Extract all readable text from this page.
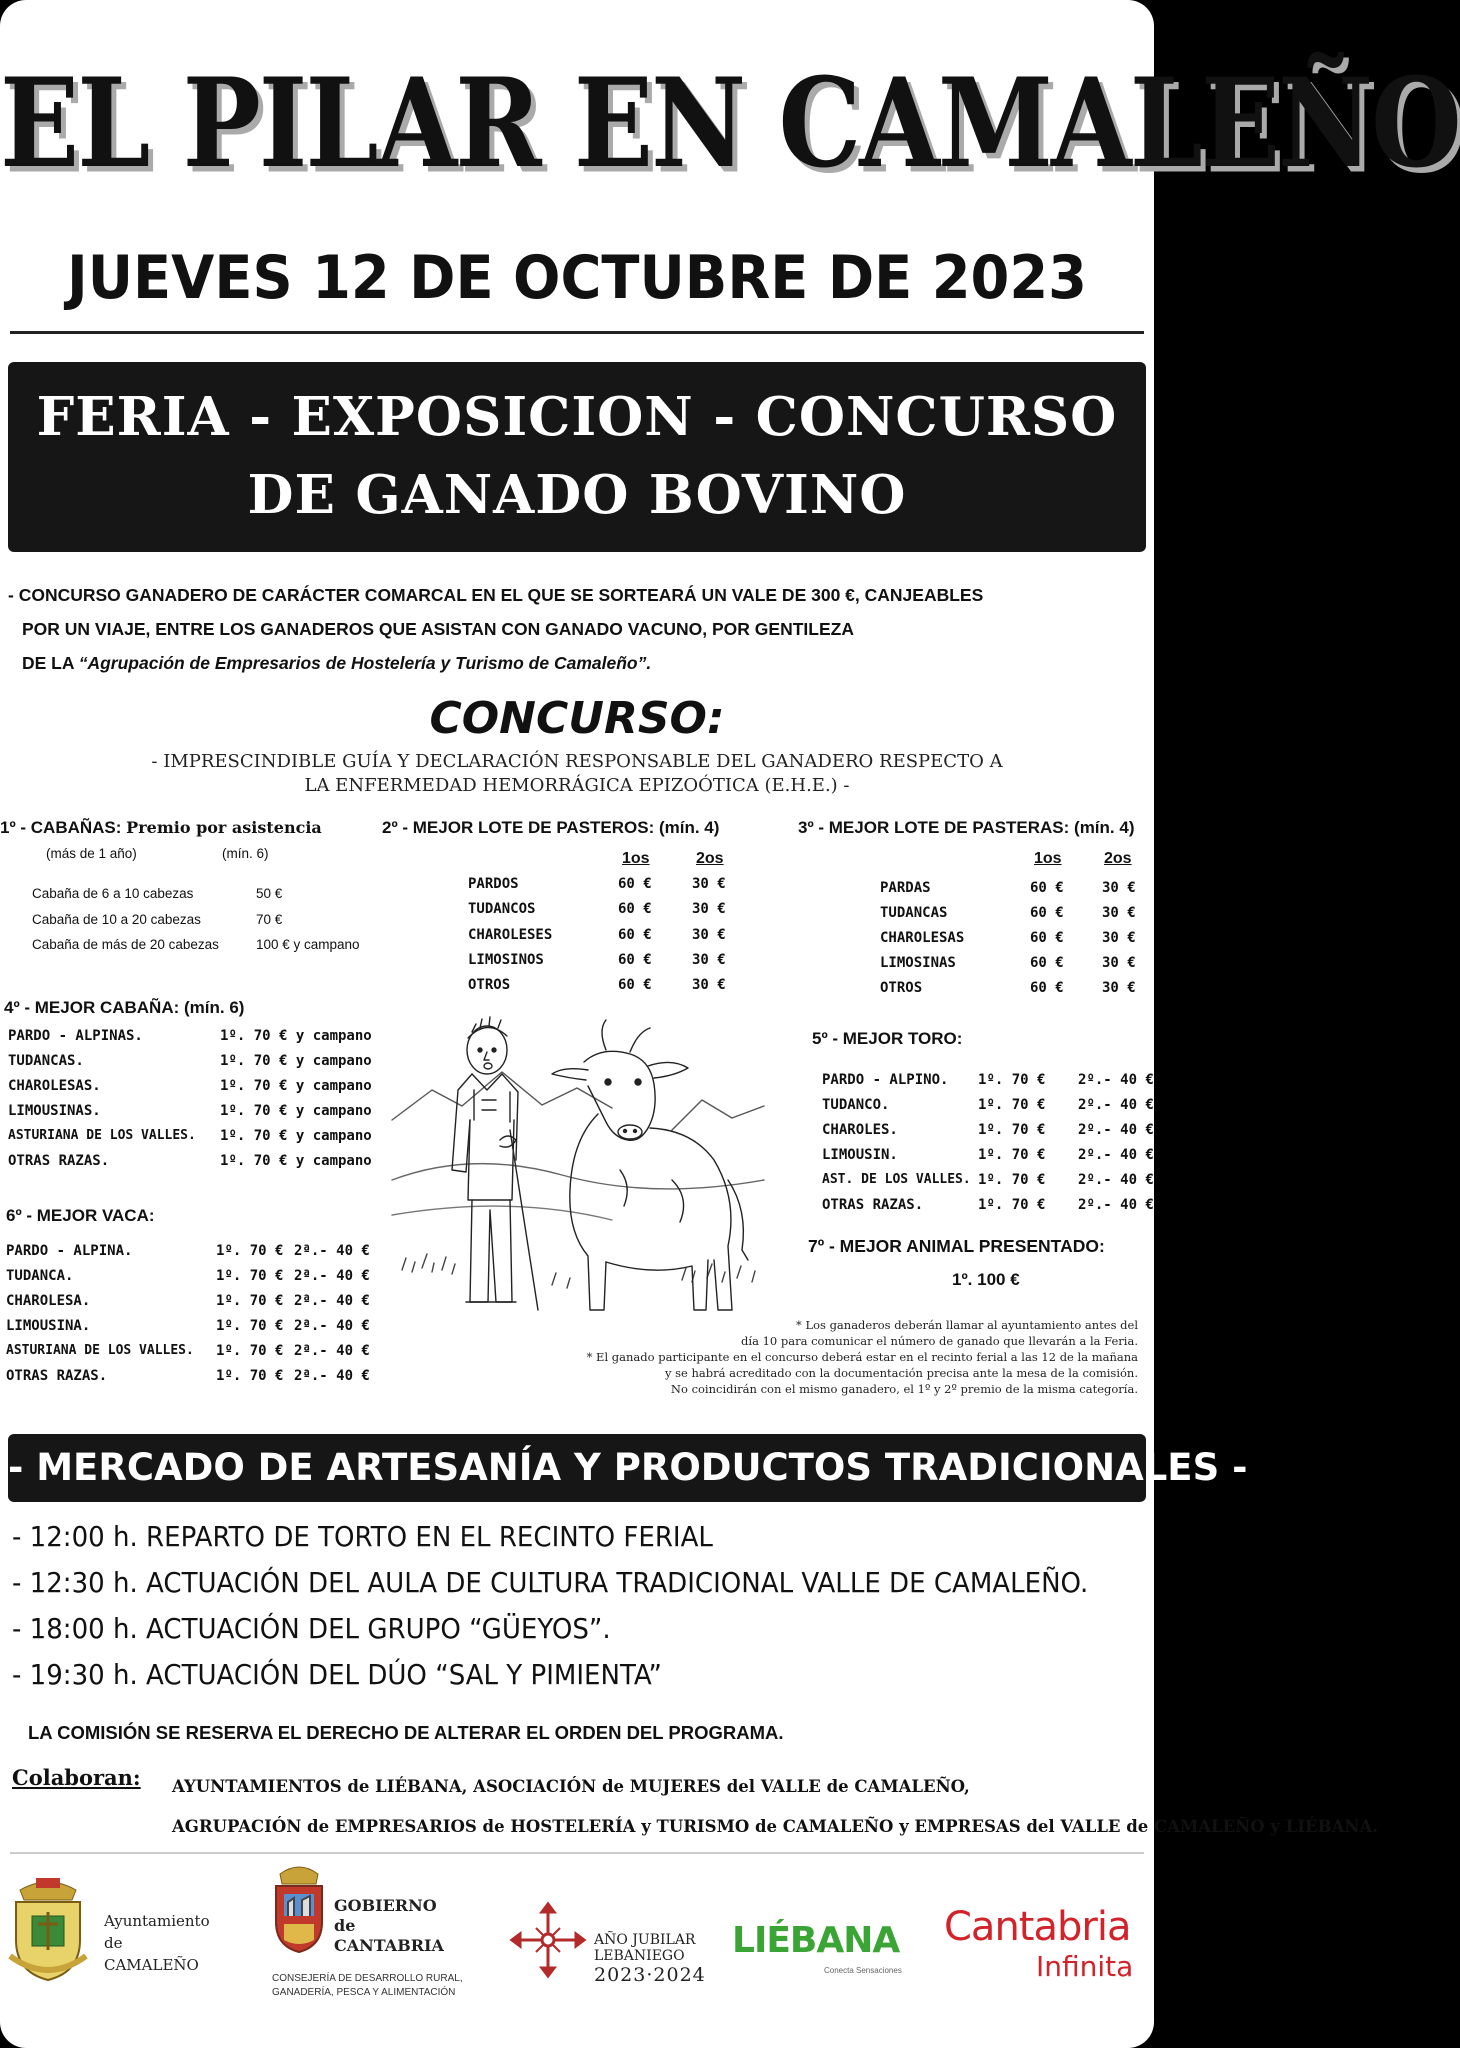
EL PILAR EN CAMALEÑO
JUEVES 12 DE OCTUBRE DE 2023
FERIA - EXPOSICION - CONCURSO
DE GANADO BOVINO

- CONCURSO GANADERO DE CARÁCTER COMARCAL EN EL QUE SE SORTEARÁ UN VALE DE 300 €, CANJEABLES

POR UN VIAJE, ENTRE LOS GANADEROS QUE ASISTAN CON GANADO VACUNO, POR GENTILEZA

DE LA “Agrupación de Empresarios de Hostelería y Turismo de Camaleño”.

CONCURSO:
- IMPRESCINDIBLE GUÍA Y DECLARACIÓN RESPONSABLE DEL GANADERO RESPECTO A
LA ENFERMEDAD HEMORRÁGICA EPIZOÓTICA (E.H.E.) -
1º - CABAÑAS: Premio por asistencia
(más de 1 año)	(mín. 6)
Cabaña de 6 a 10 cabezas	50 €
Cabaña de 10 a 20 cabezas	70 €
Cabaña de más de 20 cabezas	100 € y campano
2º - MEJOR LOTE DE PASTEROS: (mín. 4)
1os	2os
PARDOS	60 €	30 €
TUDANCOS	60 €	30 €
CHAROLESES	60 €	30 €
LIMOSINOS	60 €	30 €
OTROS	60 €	30 €
3º - MEJOR LOTE DE PASTERAS: (mín. 4)
1os	2os
PARDAS	60 €	30 €
TUDANCAS	60 €	30 €
CHAROLESAS	60 €	30 €
LIMOSINAS	60 €	30 €
OTROS	60 €	30 €
4º - MEJOR CABAÑA: (mín. 6)
PARDO - ALPINAS.	1º. 70 € y campano
TUDANCAS.	1º. 70 € y campano
CHAROLESAS.	1º. 70 € y campano
LIMOUSINAS.	1º. 70 € y campano
ASTURIANA DE LOS VALLES. 1º. 70 € y campano
OTRAS RAZAS.	1º. 70 € y campano
6º - MEJOR VACA:
PARDO - ALPINA.	1º. 70 € 2ª.- 40 €
TUDANCA.	1º. 70 € 2ª.- 40 €
CHAROLESA.	1º. 70 € 2ª.- 40 €
LIMOUSINA.	1º. 70 € 2ª.- 40 €
ASTURIANA DE LOS VALLES. 1º. 70 € 2ª.- 40 €
OTRAS RAZAS.	1º. 70 € 2ª.- 40 €
5º - MEJOR TORO:
PARDO - ALPINO. 1º. 70 € 2º.- 40 €
TUDANCO.	1º. 70 € 2º.- 40 €
CHAROLES.	1º. 70 € 2º.- 40 €
LIMOUSIN.	1º. 70 € 2º.- 40 €
AST. DE LOS VALLES. 1º. 70 € 2º.- 40 €
OTRAS RAZAS.	1º. 70 € 2º.- 40 €
7º - MEJOR ANIMAL PRESENTADO:
1º. 100 €

* Los ganaderos deberán llamar al ayuntamiento antes del

día 10 para comunicar el número de ganado que llevarán a la Feria.

* El ganado participante en el concurso deberá estar en el recinto ferial a las 12 de la mañana

y se habrá acreditado con la documentación precisa ante la mesa de la comisión.

No coincidirán con el mismo ganadero, el 1º y 2º premio de la misma categoría.

- MERCADO DE ARTESANÍA Y PRODUCTOS TRADICIONALES -
- 12:00 h. REPARTO DE TORTO EN EL RECINTO FERIAL
- 12:30 h. ACTUACIÓN DEL AULA DE CULTURA TRADICIONAL VALLE DE CAMALEÑO.
- 18:00 h. ACTUACIÓN DEL GRUPO “GÜEYOS”.
- 19:30 h. ACTUACIÓN DEL DÚO “SAL Y PIMIENTA”
LA COMISIÓN SE RESERVA EL DERECHO DE ALTERAR EL ORDEN DEL PROGRAMA.
Colaboran: AYUNTAMIENTOS de LIÉBANA, ASOCIACIÓN de MUJERES del VALLE de CAMALEÑO,
AGRUPACIÓN de EMPRESARIOS de HOSTELERÍA y TURISMO de CAMALEÑO y EMPRESAS del VALLE de CAMALEÑO y LIÉBANA.
Ayuntamiento
de
CAMALEÑO
GOBIERNO
de
CANTABRIA
CONSEJERÍA DE DESARROLLO RURAL,
GANADERÍA, PESCA Y ALIMENTACIÓN
AÑO JUBILAR
LEBANIEGO
2023·2024
LIÉBANA
Conecta Sensaciones
Cantabria
Infinita
